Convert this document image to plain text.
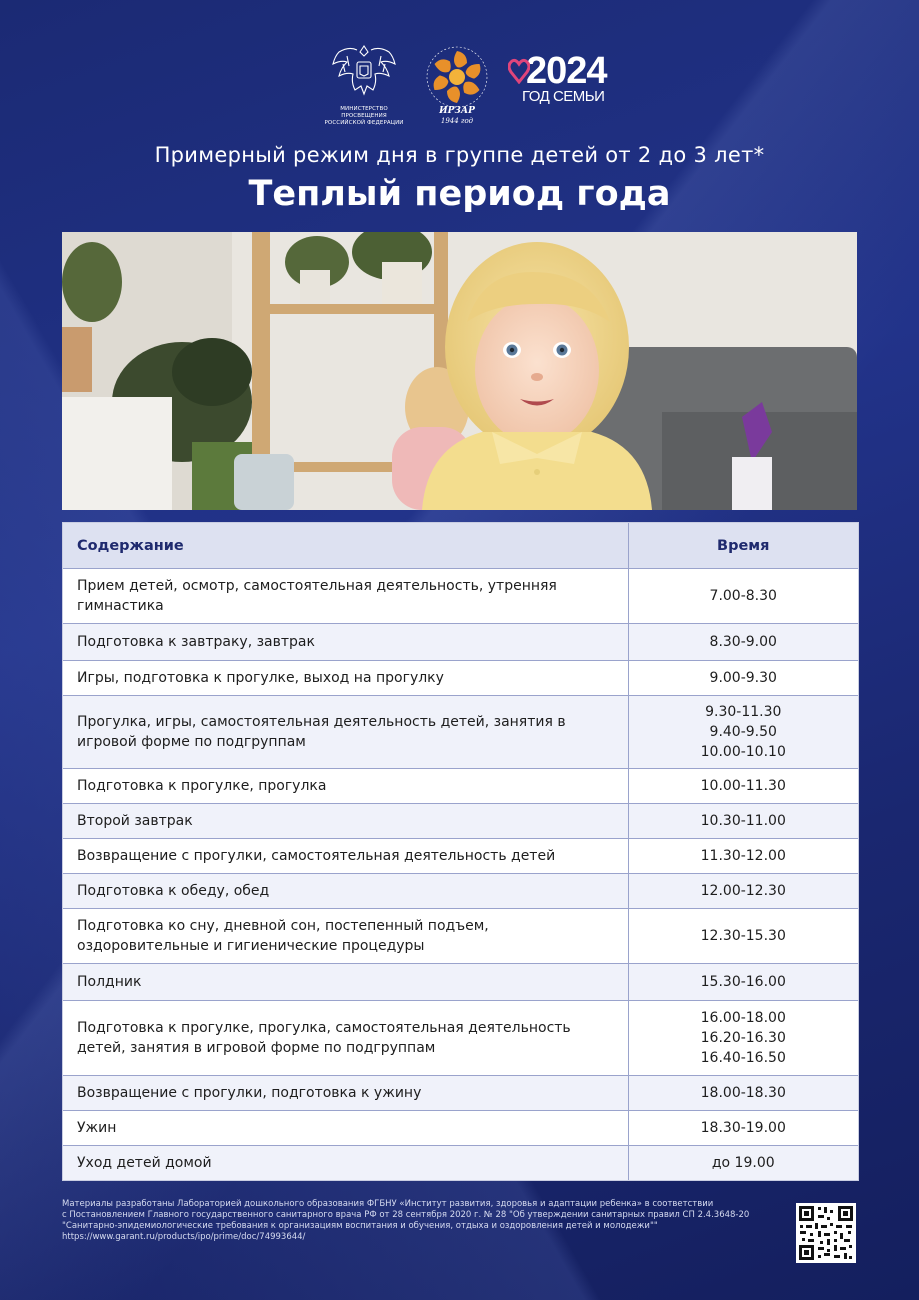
МИНИСТЕРСТВО ПРОСВЕЩЕНИЯ
РОССИЙСКОЙ ФЕДЕРАЦИИ
ИРЗАР
1944 год
2024
ГОД СЕМЬИ
Примерный режим дня в группе детей от 2 до 3 лет*
Теплый период года
Содержание	Время
Прием детей, осмотр, самостоятельная деятельность, утренняя гимнастика	7.00-8.30
Подготовка к завтраку, завтрак	8.30-9.00
Игры, подготовка к прогулке, выход на прогулку	9.00-9.30
Прогулка, игры, самостоятельная деятельность детей, занятия в игровой форме по подгруппам	9.30-11.30
9.40-9.50
10.00-10.10

Подготовка к прогулке, прогулка	10.00-11.30
Второй завтрак	10.30-11.00
Возвращение с прогулки, самостоятельная деятельность детей	11.30-12.00
Подготовка к обеду, обед	12.00-12.30
Подготовка ко сну, дневной сон, постепенный подъем, оздоровительные и гигиенические процедуры	12.30-15.30
Полдник	15.30-16.00
Подготовка к прогулке, прогулка, самостоятельная деятельность детей, занятия в игровой форме по подгруппам	16.00-18.00
16.20-16.30
16.40-16.50

Возвращение с прогулки, подготовка к ужину	18.00-18.30
Ужин	18.30-19.00
Уход детей домой	до 19.00
Материалы разработаны Лабораторией дошкольного образования ФГБНУ «Институт развития, здоровья и адаптации ребенка» в соответствии
с Постановлением Главного государственного санитарного врача РФ от 28 сентября 2020 г. № 28 "Об утверждении санитарных правил СП 2.4.3648-20
"Санитарно-эпидемиологические требования к организациям воспитания и обучения, отдыха и оздоровления детей и молодежи""
https://www.garant.ru/products/ipo/prime/doc/74993644/
